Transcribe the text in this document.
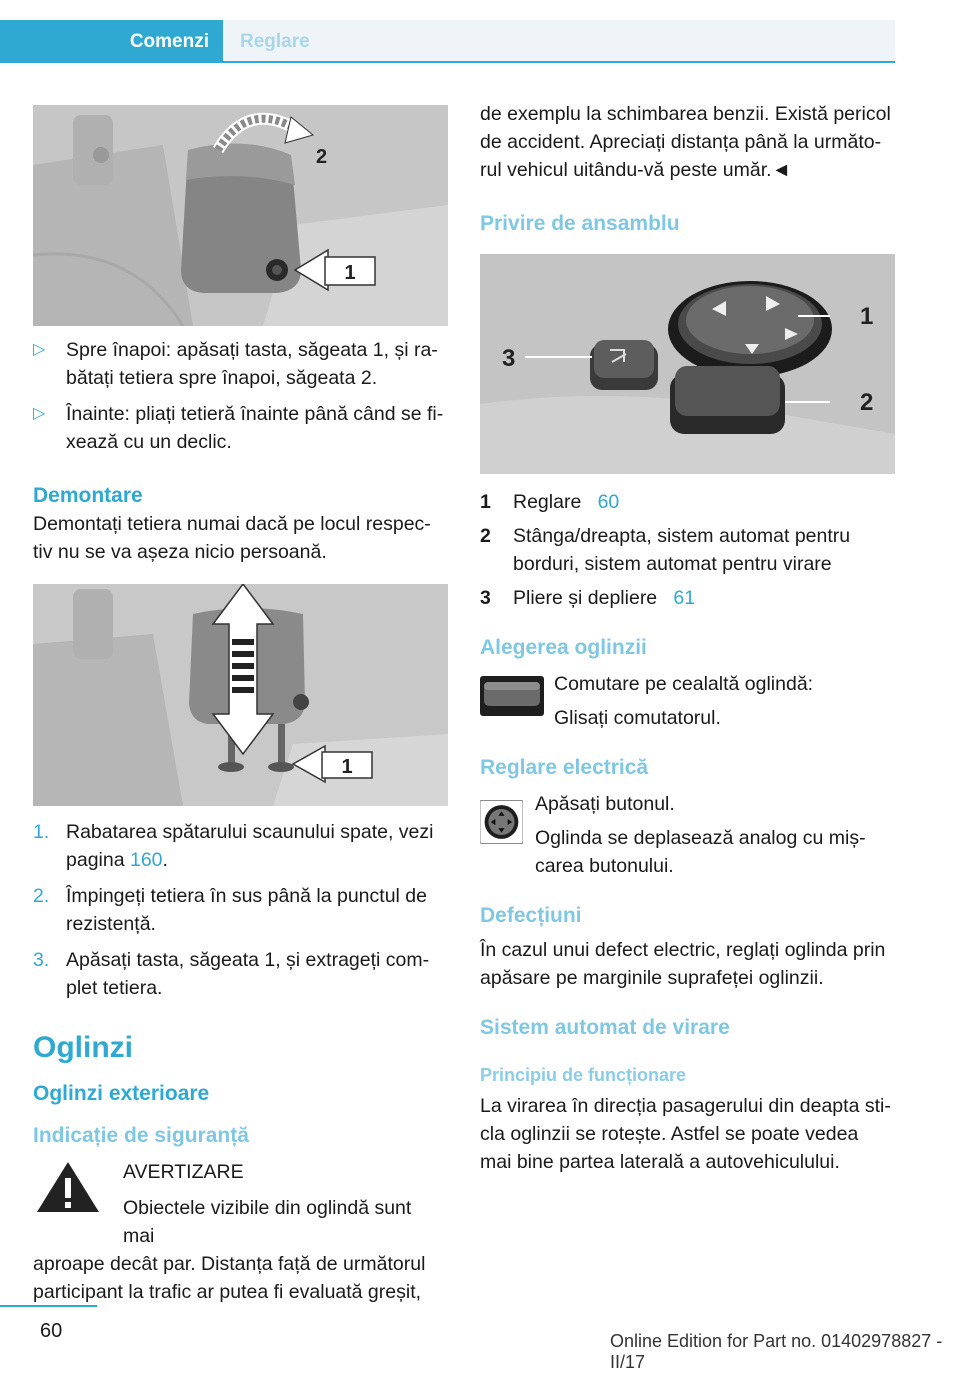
Comenzi	Reglare
1
2
▷ Spre înapoi: apăsați tasta, săgeata 1, și ra‐bătați tetiera spre înapoi, săgeata 2.
▷ Înainte: pliați tetieră înainte până când se fi‐xează cu un declic.
Demontare

Demontați tetiera numai dacă pe locul respec‐tiv nu se va așeza nicio persoană.

1
1. Rabatarea spătarului scaunului spate, vezi pagina 160.
2. Împingeți tetiera în sus până la punctul de rezistență.
3. Apăsați tasta, săgeata 1, și extrageți com‐plet tetiera.
Oglinzi
Oglinzi exterioare
Indicație de siguranță

AVERTIZARE

Obiectele vizibile din oglindă sunt mai

aproape decât par. Distanța față de următorul participant la trafic ar putea fi evaluată greșit,

de exemplu la schimbarea benzii. Există pericol de accident. Apreciați distanța până la următo‐rul vehicul uitându-vă peste umăr.◄

Privire de ansamblu
1
2
3
1 Reglare 60
2 Stânga/dreapta, sistem automat pentru borduri, sistem automat pentru virare
3 Pliere și depliere 61
Alegerea oglinzii

Comutare pe cealaltă oglindă:

Glisați comutatorul.

Reglare electrică

Apăsați butonul.

Oglinda se deplasează analog cu miș‐carea butonului.

Defecțiuni

În cazul unui defect electric, reglați oglinda prin apăsare pe marginile suprafeței oglinzii.

Sistem automat de virare
Principiu de funcționare

La virarea în direcția pasagerului din deapta sti‐cla oglinzii se rotește. Astfel se poate vedea mai bine partea laterală a autovehiculului.

60	Online Edition for Part no. 01402978827 - II/17
